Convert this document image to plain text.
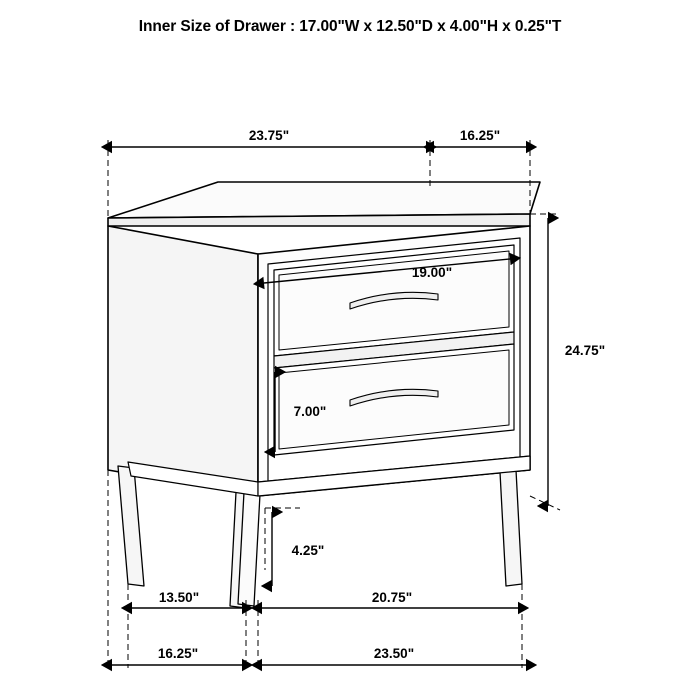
Inner Size of Drawer : 17.00"W x 12.50"D x 4.00"H x 0.25"T
23.75"	16.25"
19.00"
7.00"
24.75"
4.25"
13.50"	20.75"
16.25"	23.50"
